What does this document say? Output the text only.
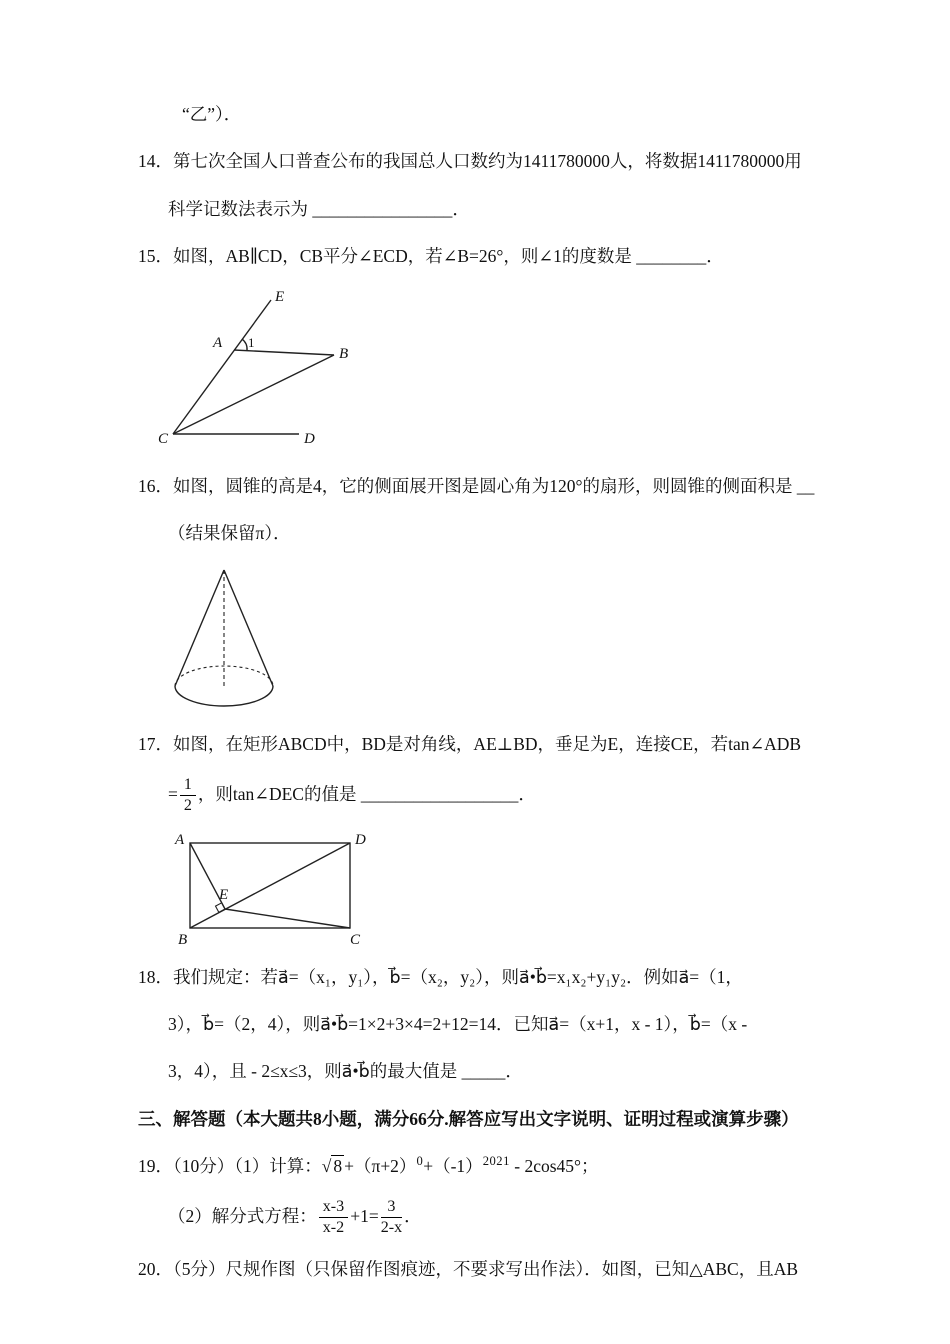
“乙”）．

14．第七次全国人口普查公布的我国总人口数约为1411780000人，将数据1411780000用

科学记数法表示为 ________________．

15．如图，AB∥CD，CB平分∠ECD，若∠B=26°，则∠1的度数是 ________．

E
A 1
B
C	D

16．如图，圆锥的高是4，它的侧面展开图是圆心角为120°的扇形，则圆锥的侧面积是 __

（结果保留π）．

17．如图，在矩形ABCD中，BD是对角线，AE⊥BD，垂足为E，连接CE，若tan∠ADB

= $\frac{1}{2}$ ，则tan∠DEC的值是 __________________．

A	D
E
B	C

18．我们规定：若a⃗=（x₁，y₁），b⃗=（x₂，y₂），则a⃗•b⃗=x₁x₂+y₁y₂．例如a⃗=（1，

3），b⃗=（2，4），则a⃗•b⃗=1×2+3×4=2+12=14．已知a⃗=（x+1，x - 1），b⃗=（x -

3，4），且 - 2≤x≤3，则a⃗•b⃗的最大值是 _____．

三、解答题（本大题共8小题，满分66分.解答应写出文字说明、证明过程或演算步骤）

19．（10分）（1）计算：√ $8 +(\pi+2)^0+(-1)^{2021} - 2\cos 45^\circ$；

（2）解分式方程： $\frac{x-3}{x-2} +1= \frac{3}{2-x}$ ．

20．（5分）尺规作图（只保留作图痕迹，不要求写出作法）．如图，已知△ABC，且AB
